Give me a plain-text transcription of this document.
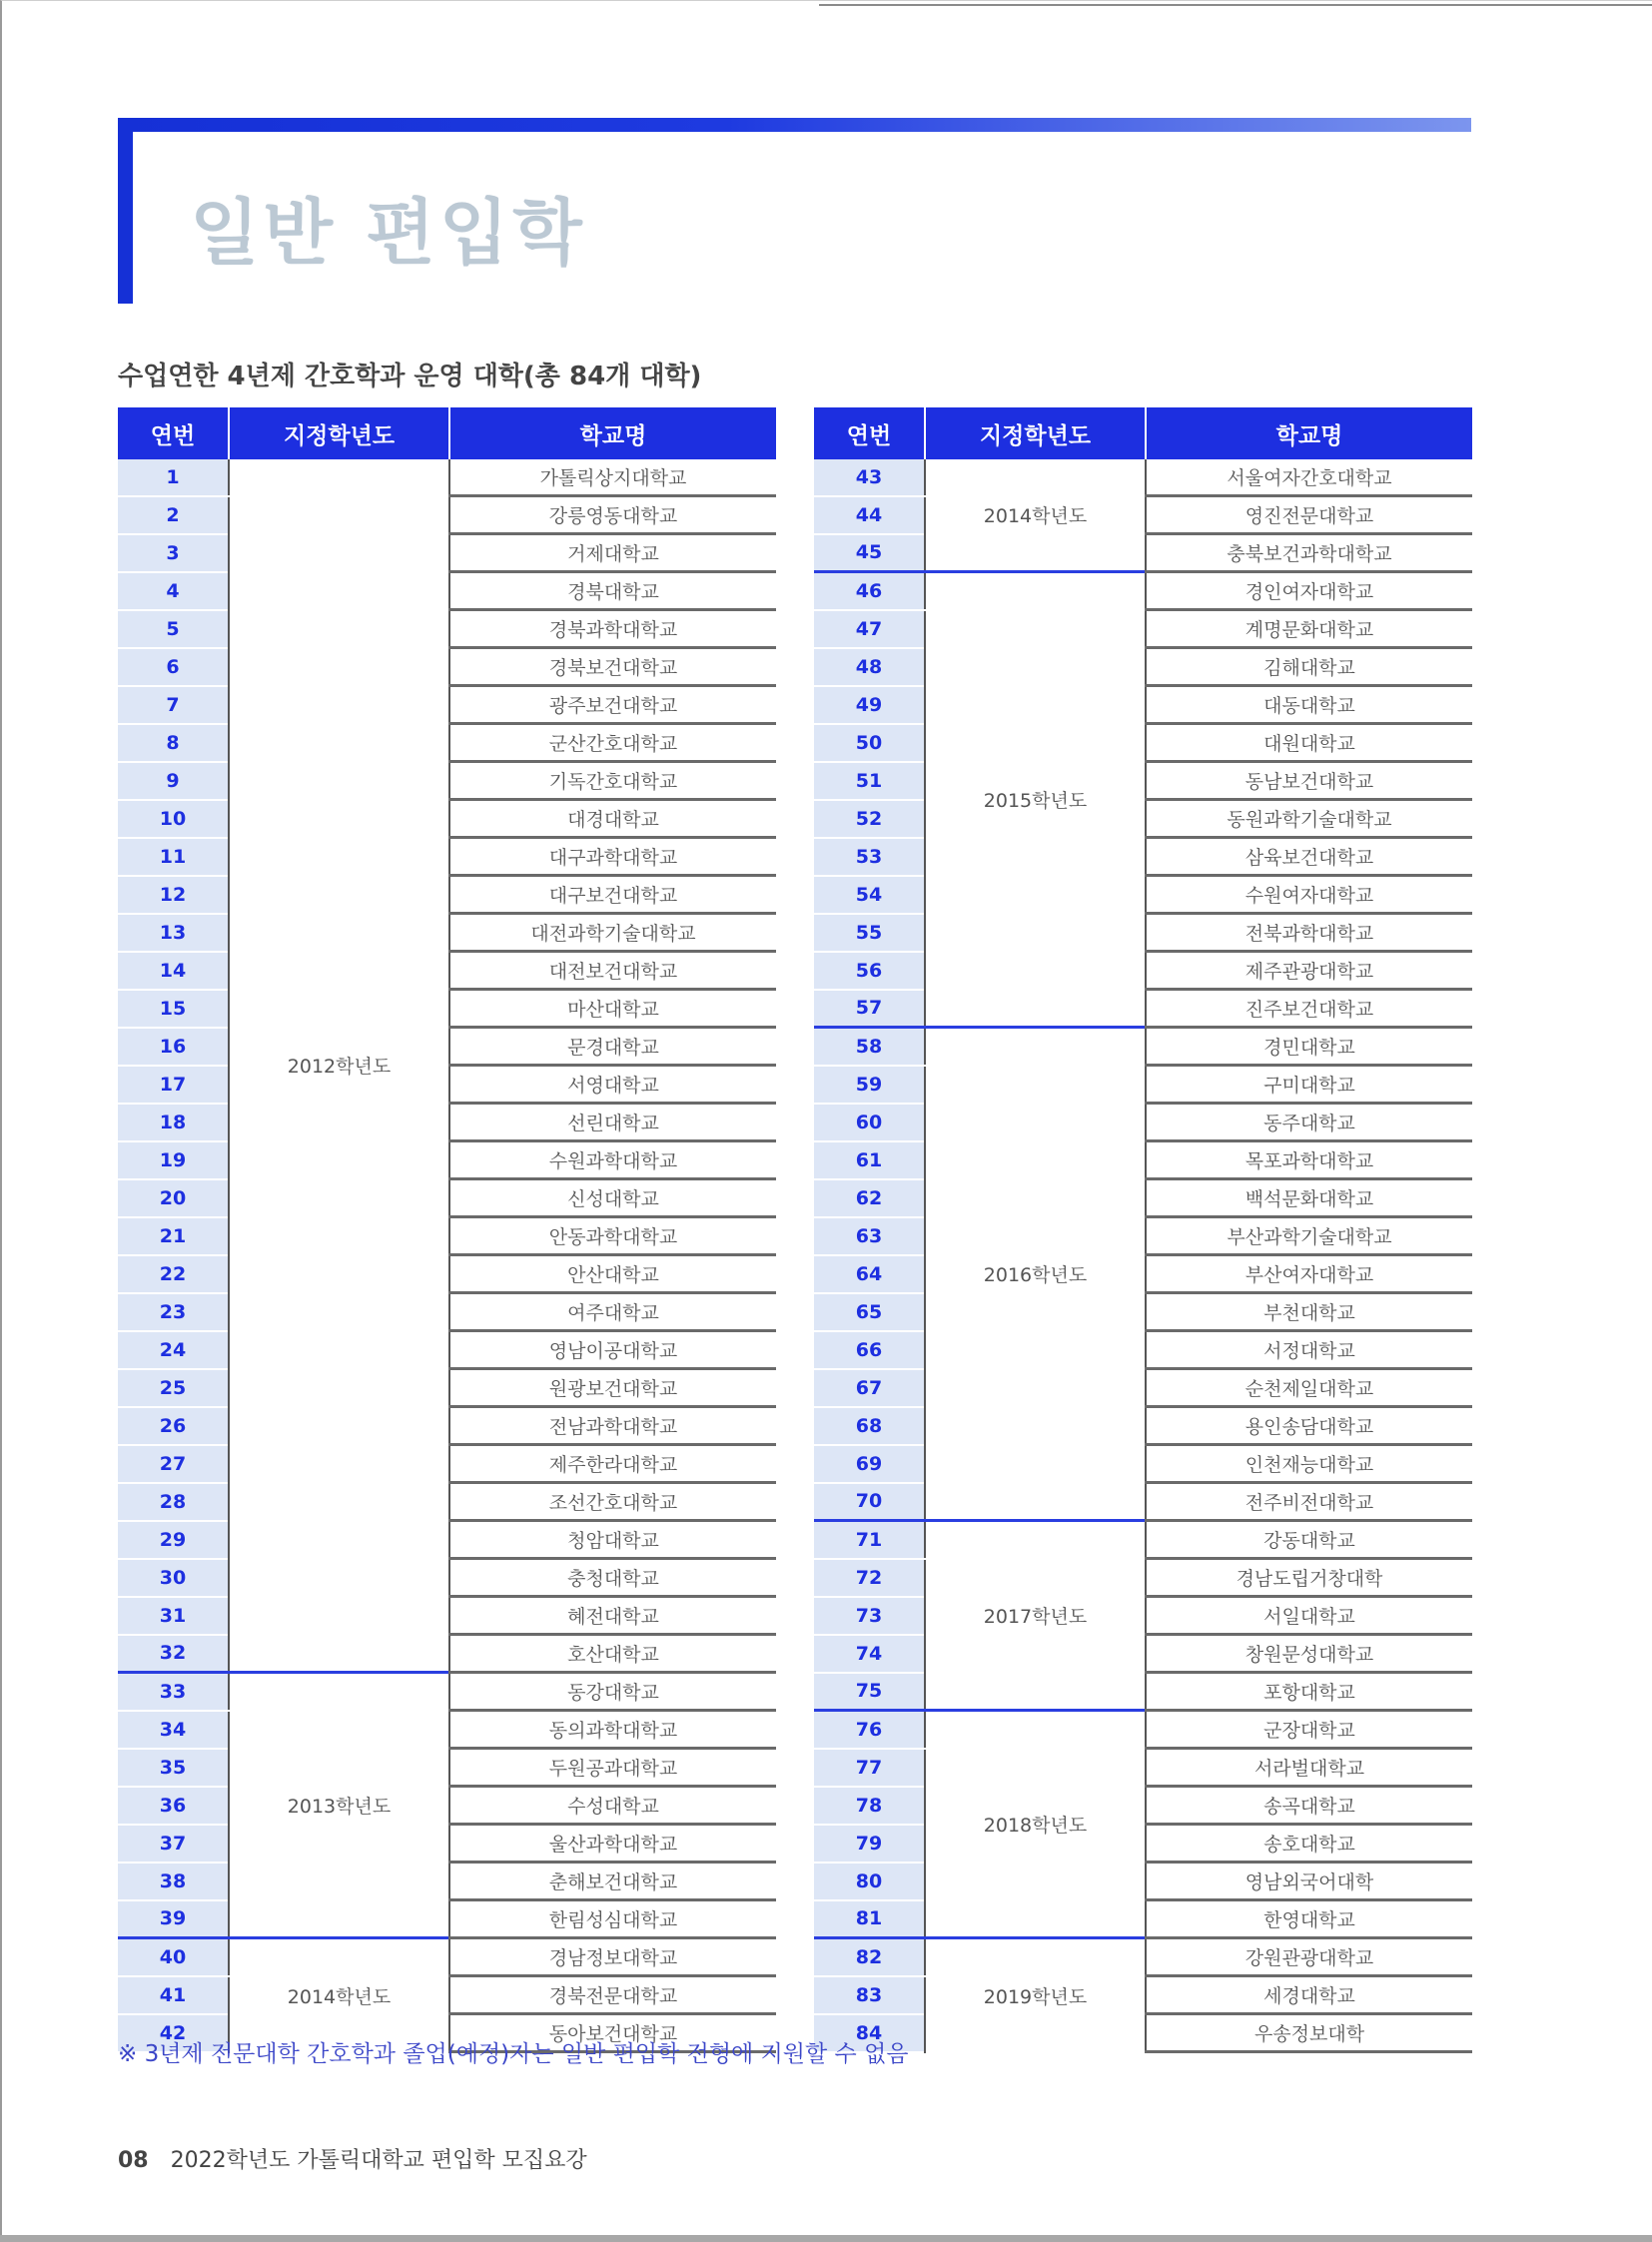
일반 편입학
수업연한 4년제 간호학과 운영 대학(총 84개 대학)
연번	지정학년도	학교명
1	2012학년도	가톨릭상지대학교
2		강릉영동대학교
3		거제대학교
4		경북대학교
5		경북과학대학교
6		경북보건대학교
7		광주보건대학교
8		군산간호대학교
9		기독간호대학교
10		대경대학교
11		대구과학대학교
12		대구보건대학교
13		대전과학기술대학교
14		대전보건대학교
15		마산대학교
16		문경대학교
17		서영대학교
18		선린대학교
19		수원과학대학교
20		신성대학교
21		안동과학대학교
22		안산대학교
23		여주대학교
24		영남이공대학교
25		원광보건대학교
26		전남과학대학교
27		제주한라대학교
28		조선간호대학교
29		청암대학교
30		충청대학교
31		혜전대학교
32		호산대학교
33	2013학년도	동강대학교
34		동의과학대학교
35		두원공과대학교
36		수성대학교
37		울산과학대학교
38		춘해보건대학교
39		한림성심대학교
40	2014학년도	경남정보대학교
41		경북전문대학교
42		동아보건대학교
연번	지정학년도	학교명
43	2014학년도	서울여자간호대학교
44		영진전문대학교
45		충북보건과학대학교
46	2015학년도	경인여자대학교
47		계명문화대학교
48		김해대학교
49		대동대학교
50		대원대학교
51		동남보건대학교
52		동원과학기술대학교
53		삼육보건대학교
54		수원여자대학교
55		전북과학대학교
56		제주관광대학교
57		진주보건대학교
58	2016학년도	경민대학교
59		구미대학교
60		동주대학교
61		목포과학대학교
62		백석문화대학교
63		부산과학기술대학교
64		부산여자대학교
65		부천대학교
66		서정대학교
67		순천제일대학교
68		용인송담대학교
69		인천재능대학교
70		전주비전대학교
71	2017학년도	강동대학교
72		경남도립거창대학
73		서일대학교
74		창원문성대학교
75		포항대학교
76	2018학년도	군장대학교
77		서라벌대학교
78		송곡대학교
79		송호대학교
80		영남외국어대학
81		한영대학교
82	2019학년도	강원관광대학교
83		세경대학교
84		우송정보대학
※ 3년제 전문대학 간호학과 졸업(예정)자는 일반 편입학 전형에 지원할 수 없음
08 2022학년도 가톨릭대학교 편입학 모집요강
